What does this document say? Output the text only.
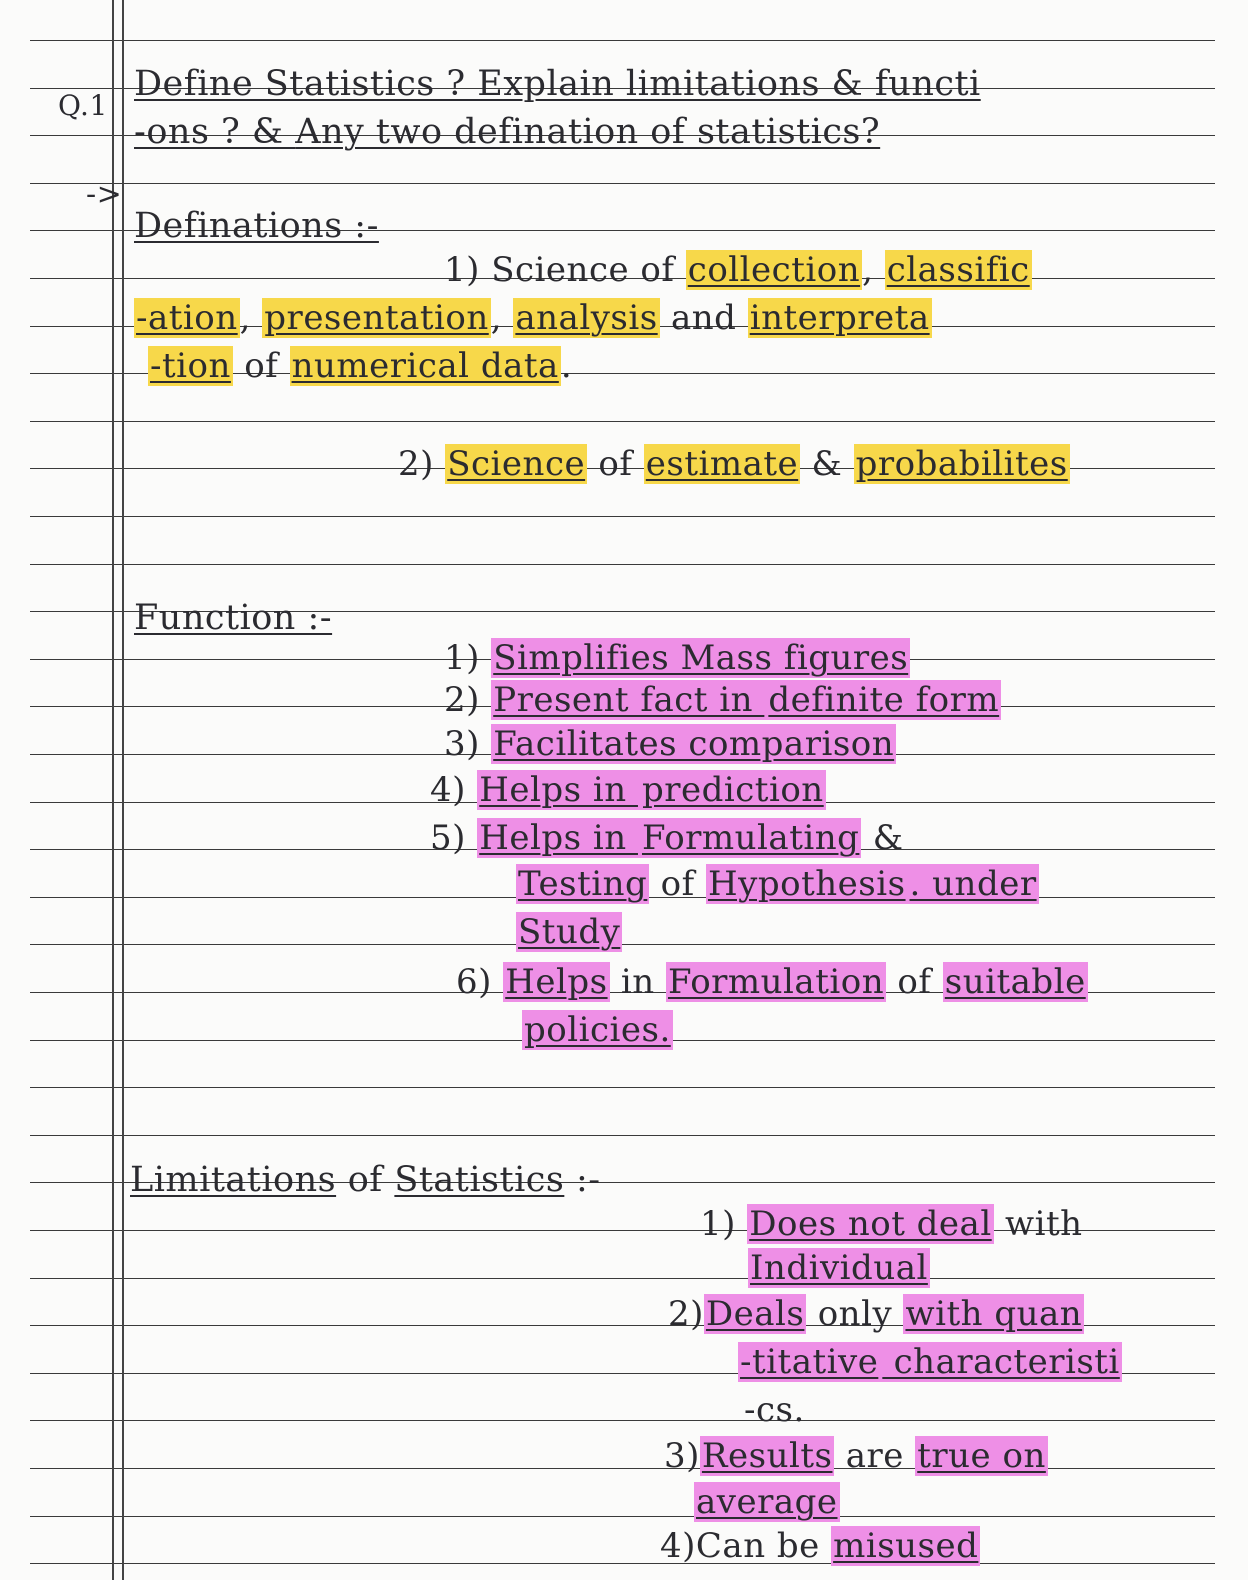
Q.1
Define Statistics ? Explain limitations & functi
-ons ? & Any two defination of statistics?
->
Definations :-
1) Science of collection, classific
-ation, presentation, analysis and interpreta
-tion of numerical data.
2) Science of estimate & probabilites
Function :-
1) Simplifies Mass figures
2) Present fact in definite form
3) Facilitates comparison
4) Helps in prediction
5) Helps in Formulating &
Testing of Hypothesis . under
Study
6) Helps in Formulation of suitable
policies.
Limitations of Statistics :-
1) Does not deal with
Individual
2)Deals only with quan
-titative characteristi
-cs.
3)Results are true on
average
4)Can be misused
